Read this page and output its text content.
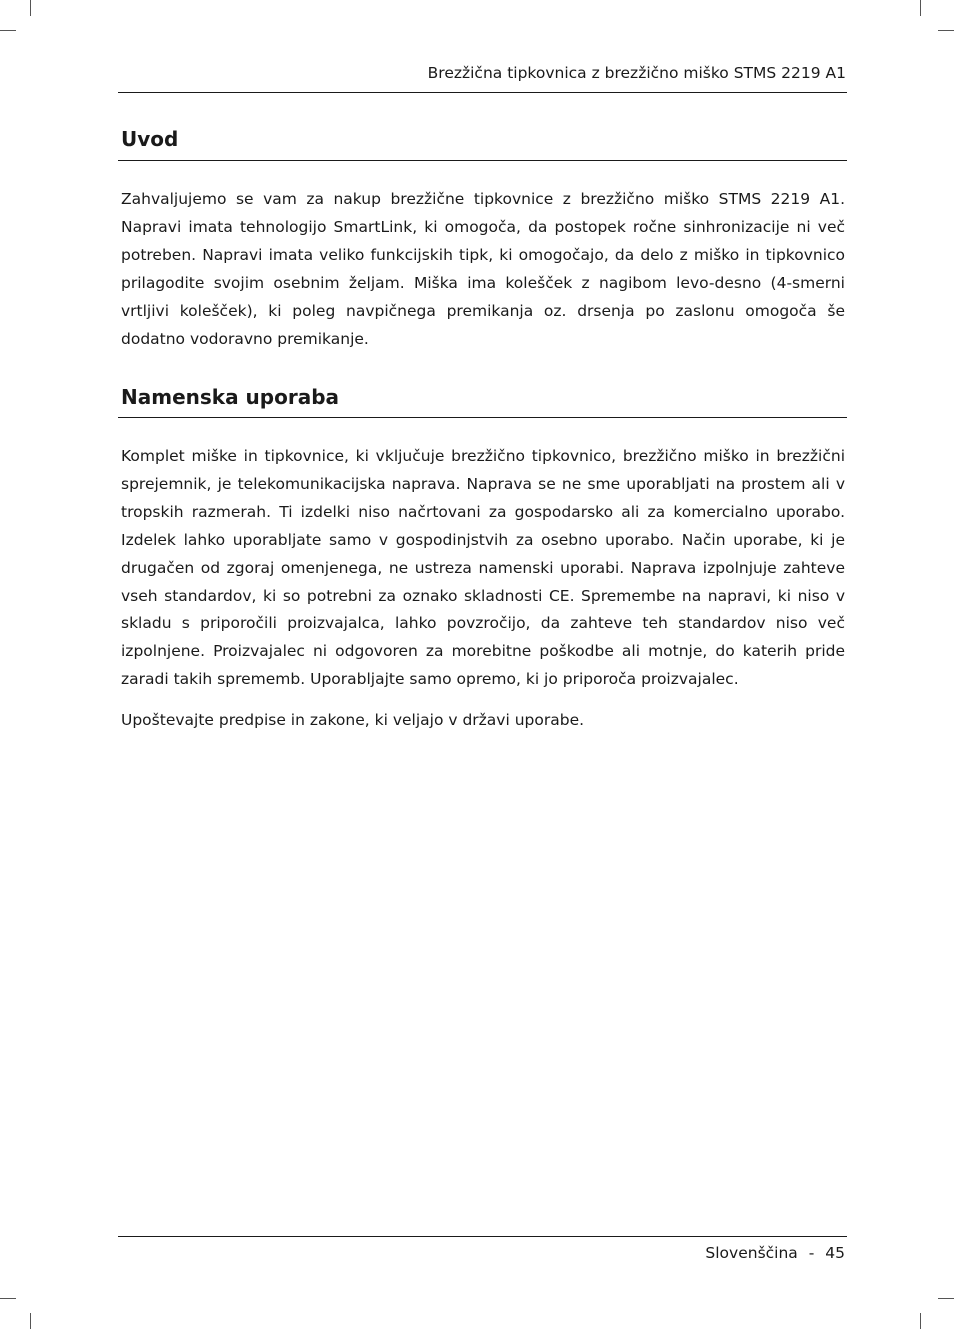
Brezžična tipkovnica z brezžično miško STMS 2219 A1
Uvod

Zahvaljujemo se vam za nakup brezžične tipkovnice z brezžično miško STMS 2219 A1. Napravi imata tehnologijo SmartLink, ki omogoča, da postopek ročne sinhronizacije ni več potreben. Napravi imata veliko funkcijskih tipk, ki omogočajo, da delo z miško in tipkovnico prilagodite svojim osebnim željam. Miška ima kolešček z nagibom levo-desno (4-smerni vrtljivi kolešček), ki poleg navpičnega premikanja oz. drsenja po zaslonu omogoča še dodatno vodoravno premikanje.

Namenska uporaba

Komplet miške in tipkovnice, ki vključuje brezžično tipkovnico, brezžično miško in brezžični sprejemnik, je telekomunikacijska naprava. Naprava se ne sme uporabljati na prostem ali v tropskih razmerah. Ti izdelki niso načrtovani za gospodarsko ali za komercialno uporabo. Izdelek lahko uporabljate samo v gospodinjstvih za osebno uporabo. Način uporabe, ki je drugačen od zgoraj omenjenega, ne ustreza namenski uporabi. Naprava izpolnjuje zahteve vseh standardov, ki so potrebni za oznako skladnosti CE. Spremembe na napravi, ki niso v skladu s priporočili proizvajalca, lahko povzročijo, da zahteve teh standardov niso več izpolnjene. Proizvajalec ni odgovoren za morebitne poškodbe ali motnje, do katerih pride zaradi takih sprememb. Uporabljajte samo opremo, ki jo priporoča proizvajalec.

Upoštevajte predpise in zakone, ki veljajo v državi uporabe.

Slovenščina - 45
